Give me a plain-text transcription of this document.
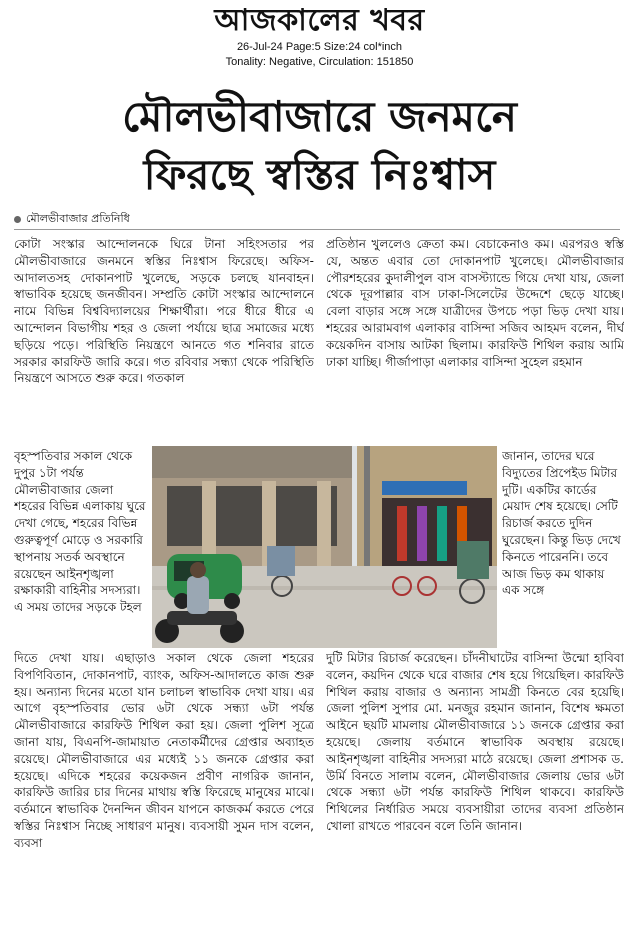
আজকালের খবর
26-Jul-24 Page:5 Size:24 col*inch
Tonality: Negative, Circulation: 151850
মৌলভীবাজারে জনমনে
ফিরছে স্বস্তির নিঃশ্বাস
মৌলভীবাজার প্রতিনিধি
কোটা সংস্কার আন্দোলনকে ঘিরে টানা সহিংসতার পর মৌলভীবাজারে জনমনে স্বস্তির নিঃশ্বাস ফিরেছে। অফিস-আদালতসহ দোকানপাট খুলেছে, সড়কে চলছে যানবাহন। স্বাভাবিক হয়েছে জনজীবন। সম্প্রতি কোটা সংস্কার আন্দোলনে নামে বিভিন্ন বিশ্ববিদ্যালয়ের শিক্ষার্থীরা। পরে ধীরে ধীরে এ আন্দোলন বিভাগীয় শহর ও জেলা পর্যায়ে ছাত্র সমাজের মধ্যে ছড়িয়ে পড়ে। পরিস্থিতি নিয়ন্ত্রণে আনতে গত শনিবার রাতে সরকার কারফিউ জারি করে। গত রবিবার সন্ধ্যা থেকে পরিস্থিতি নিয়ন্ত্রণে আসতে শুরু করে। গতকাল
বৃহস্পতিবার সকাল থেকে দুপুর ১টা পর্যন্ত মৌলভীবাজার জেলা শহরের বিভিন্ন এলাকায় ঘুরে দেখা গেছে, শহরের বিভিন্ন গুরুত্বপূর্ণ মোড়ে ও সরকারি স্থাপনায় সতর্ক অবস্থানে রয়েছেন আইনশৃঙ্খলা রক্ষাকারী বাহিনীর সদস্যরা। এ সময় তাদের সড়কে টহল
দিতে দেখা যায়। এছাড়াও সকাল থেকে জেলা শহরের বিপণিবিতান, দোকানপাট, ব্যাংক, অফিস-আদালতে কাজ শুরু হয়। অন্যান্য দিনের মতো যান চলাচল স্বাভাবিক দেখা যায়। এর আগে বৃহস্পতিবার ভোর ৬টা থেকে সন্ধ্যা ৬টা পর্যন্ত মৌলভীবাজারে কারফিউ শিথিল করা হয়। জেলা পুলিশ সূত্রে জানা যায়, বিএনপি-জামায়াত নেতাকর্মীদের গ্রেপ্তার অব্যাহত রয়েছে। মৌলভীবাজারে এর মধ্যেই ১১ জনকে গ্রেপ্তার করা হয়েছে। এদিকে শহরের কয়েকজন প্রবীণ নাগরিক জানান, কারফিউ জারির চার দিনের মাথায় স্বস্তি ফিরেছে মানুষের মাঝে। বর্তমানে স্বাভাবিক দৈনন্দিন জীবন যাপনে কাজকর্ম করতে পেরে স্বস্তির নিঃশ্বাস নিচ্ছে সাধারণ মানুষ। ব্যবসায়ী সুমন দাস বলেন, ব্যবসা
প্রতিষ্ঠান খুললেও ক্রেতা কম। বেচাকেনাও কম। এরপরও স্বস্তি যে, অন্তত এবার তো দোকানপাট খুলেছে। মৌলভীবাজার পৌরশহরের কুদালীপুল বাস বাসস্ট্যান্ডে গিয়ে দেখা যায়, জেলা থেকে দূরপাল্লার বাস ঢাকা-সিলেটের উদ্দেশে ছেড়ে যাচ্ছে। বেলা বাড়ার সঙ্গে সঙ্গে যাত্রীদের উপচে পড়া ভিড় দেখা যায়। শহরের আরামবাগ এলাকার বাসিন্দা সজিব আহমদ বলেন, দীর্ঘ কয়েকদিন বাসায় আটকা ছিলাম। কারফিউ শিথিল করায় আমি ঢাকা যাচ্ছি। গীর্জাপাড়া এলাকার বাসিন্দা সুহেল রহমান
জানান, তাদের ঘরে বিদ্যুতের প্রিপেইড মিটার দুটি। একটির কার্ডের মেয়াদ শেষ হয়েছে। সেটি রিচার্জ করতে দুদিন ঘুরেছেন। কিন্তু ভিড় দেখে কিনতে পারেননি। তবে আজ ভিড় কম থাকায় এক সঙ্গে
দুটি মিটার রিচার্জ করেছেন। চাঁদনীঘাটের বাসিন্দা উন্মো হাবিবা বলেন, কয়দিন থেকে ঘরে বাজার শেষ হয়ে গিয়েছিল। কারফিউ শিথিল করায় বাজার ও অন্যান্য সামগ্রী কিনতে বের হয়েছি। জেলা পুলিশ সুপার মো. মনজুর রহমান জানান, বিশেষ ক্ষমতা আইনে ছয়টি মামলায় মৌলভীবাজারে ১১ জনকে গ্রেপ্তার করা হয়েছে। জেলায় বর্তমানে স্বাভাবিক অবস্থায় রয়েছে। আইনশৃঙ্খলা বাহিনীর সদস্যরা মাঠে রয়েছে। জেলা প্রশাসক ড. উর্মি বিনতে সালাম বলেন, মৌলভীবাজার জেলায় ভোর ৬টা থেকে সন্ধ্যা ৬টা পর্যন্ত কারফিউ শিথিল থাকবে। কারফিউ শিথিলের নির্ধারিত সময়ে ব্যবসায়ীরা তাদের ব্যবসা প্রতিষ্ঠান খোলা রাখতে পারবেন বলে তিনি জানান।
